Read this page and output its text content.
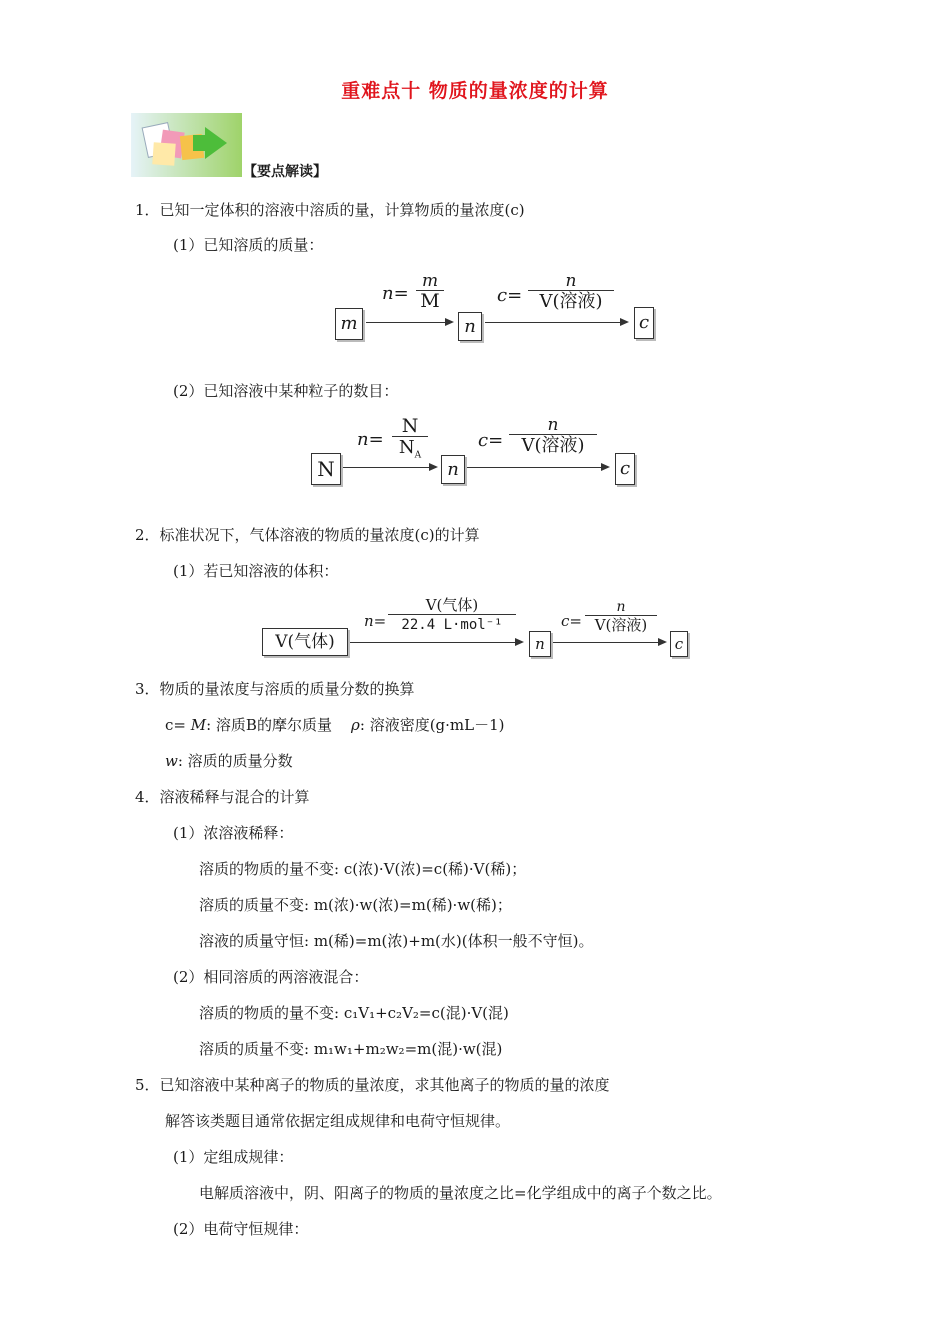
重难点十 物质的量浓度的计算
【要点解读】
1．已知一定体积的溶液中溶质的量，计算物质的量浓度(c)
(1）已知溶质的质量：
m
$n= \frac{m}{M}$
n
c=
n
V(溶液)
c
(2）已知溶液中某种粒子的数目：
N
$n= \frac{N}{N_A}$
n
c=
n
V(溶液)
c
2．标准状况下，气体溶液的物质的量浓度(c)的计算
(1）若已知溶液的体积：
V(气体)
n=
V(气体)
22.4 L·mol⁻¹
n
c=
n
V(溶液)
c
3．物质的量浓度与溶质的质量分数的换算
c= M: 溶质B的摩尔质量 ρ: 溶液密度(g·mL－1)
w: 溶质的质量分数
4．溶液稀释与混合的计算
(1）浓溶液稀释：
溶质的物质的量不变: c(浓)·V(浓)=c(稀)·V(稀)；
溶质的质量不变: m(浓)·w(浓)=m(稀)·w(稀)；
溶液的质量守恒: m(稀)=m(浓)+m(水)(体积一般不守恒)。
(2）相同溶质的两溶液混合：
溶质的物质的量不变: c₁V₁+c₂V₂=c(混)·V(混)
溶质的质量不变: m₁w₁+m₂w₂=m(混)·w(混)
5．已知溶液中某种离子的物质的量浓度，求其他离子的物质的量的浓度
解答该类题目通常依据定组成规律和电荷守恒规律。
(1）定组成规律：
电解质溶液中，阴、阳离子的物质的量浓度之比=化学组成中的离子个数之比。
(2）电荷守恒规律：
